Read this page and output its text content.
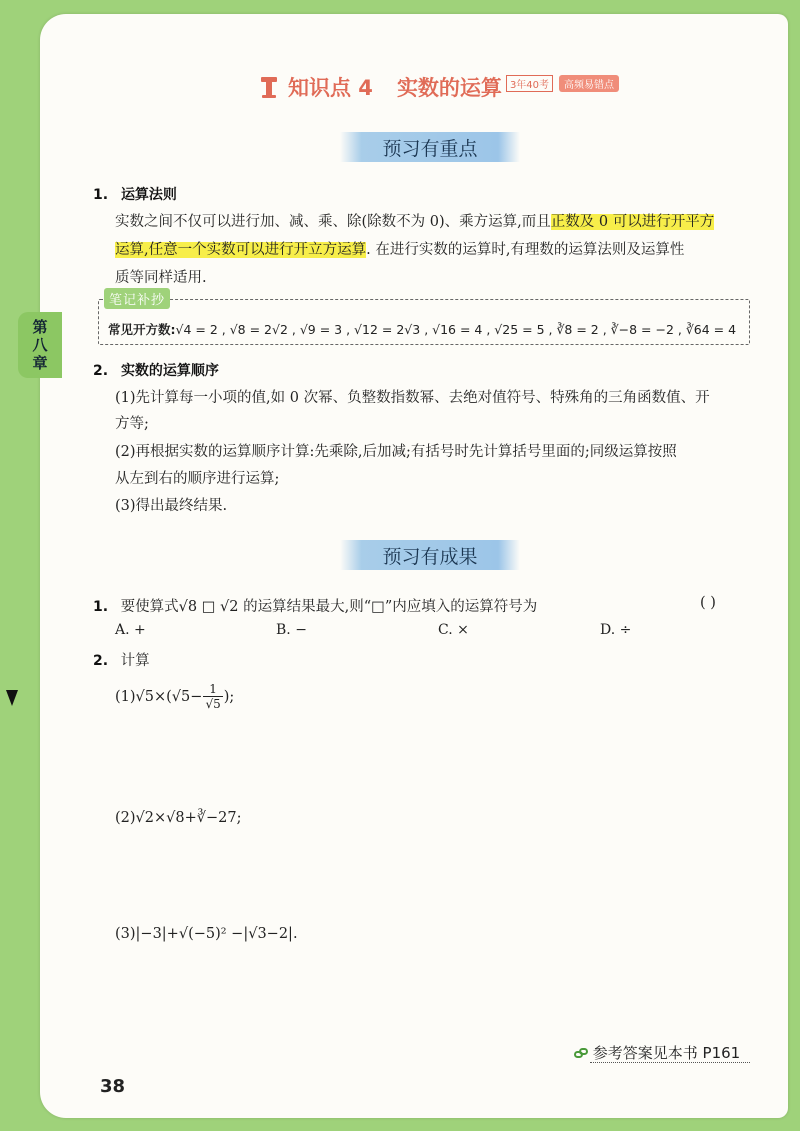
第
八
章
知识点 4 实数的运算 3年40考	高频易错点
预习有重点
1. 运算法则
实数之间不仅可以进行加、减、乘、除(除数不为 0)、乘方运算,而且正数及 0 可以进行开平方
运算,任意一个实数可以进行开立方运算. 在进行实数的运算时,有理数的运算法则及运算性
质等同样适用.
笔记补抄
常见开方数:√4 = 2 , √8 = 2√2 , √9 = 3 , √12 = 2√3 , √16 = 4 , √25 = 5 , ∛8 = 2 , ∛−8 = −2 , ∛64 = 4
2. 实数的运算顺序
(1)先计算每一小项的值,如 0 次幂、负整数指数幂、去绝对值符号、特殊角的三角函数值、开
方等;
(2)再根据实数的运算顺序计算:先乘除,后加减;有括号时先计算括号里面的;同级运算按照
从左到右的顺序进行运算;
(3)得出最终结果.
预习有成果
1. 要使算式√8 □ √2 的运算结果最大,则“□”内应填入的运算符号为	( )
A. +	B. −	C. ×	D. ÷
2. 计算
$(1)√5\times(√5- \frac{1}{√5}$ );
(2)√2×√8+∛−27;
(3)|−3|+√(−5)² −|√3−2|.
参考答案见本书 P161
38
